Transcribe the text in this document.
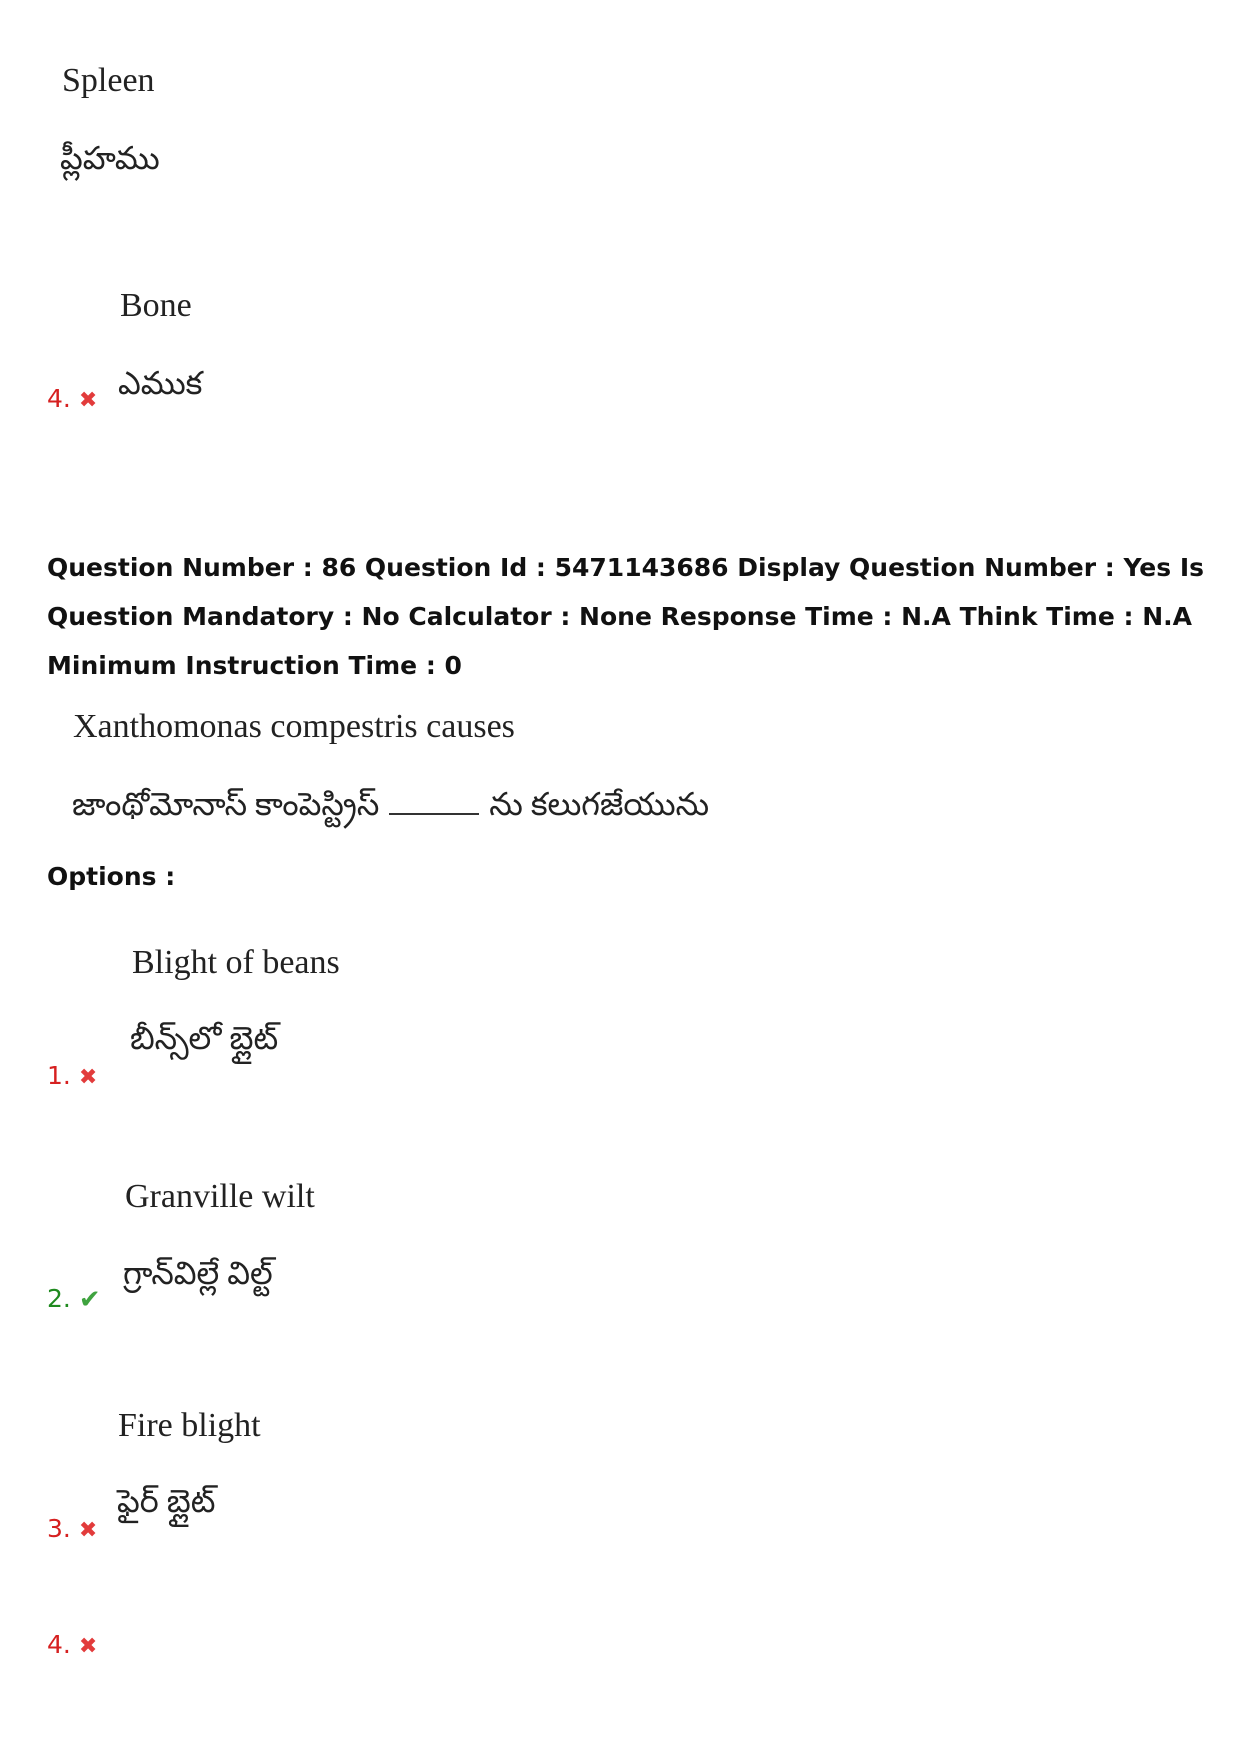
Spleen
ప్లీహము
Bone
ఎముక
4. ✖
Question Number : 86 Question Id : 5471143686 Display Question Number : Yes Is Question Mandatory : No Calculator : None Response Time : N.A Think Time : N.A Minimum Instruction Time : 0
Xanthomonas compestris causes
జాంథోమోనాస్ కాంపెస్ట్రిస్	ను కలుగజేయును
Options :
Blight of beans
బీన్స్‌లో బ్లైట్
1. ✖
Granville wilt
గ్రాన్‌విల్లే విల్ట్
2. ✔
Fire blight
ఫైర్ బ్లైట్
3. ✖
4. ✖
